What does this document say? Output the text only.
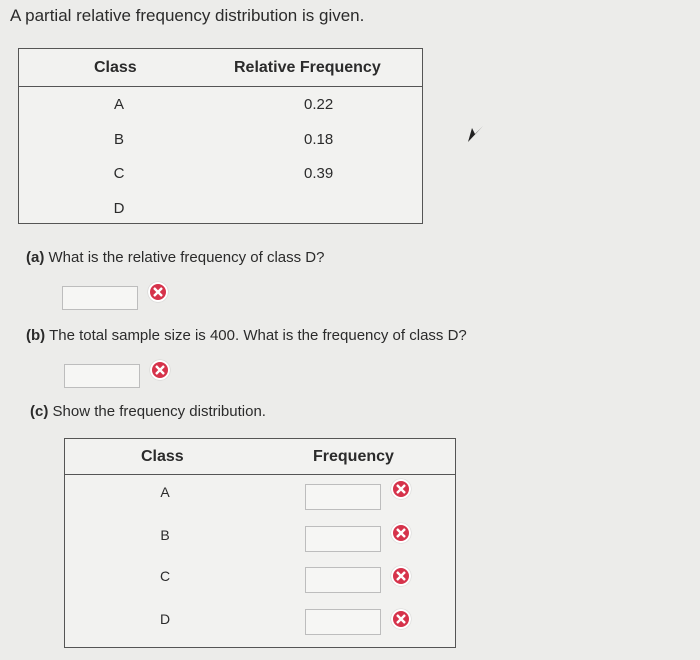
A partial relative frequency distribution is given.
Class	Relative Frequency
A	0.22
B	0.18
C	0.39
D
(a) What is the relative frequency of class D?
(b) The total sample size is 400. What is the frequency of class D?
(c) Show the frequency distribution.
Class	Frequency
A
B
C
D
